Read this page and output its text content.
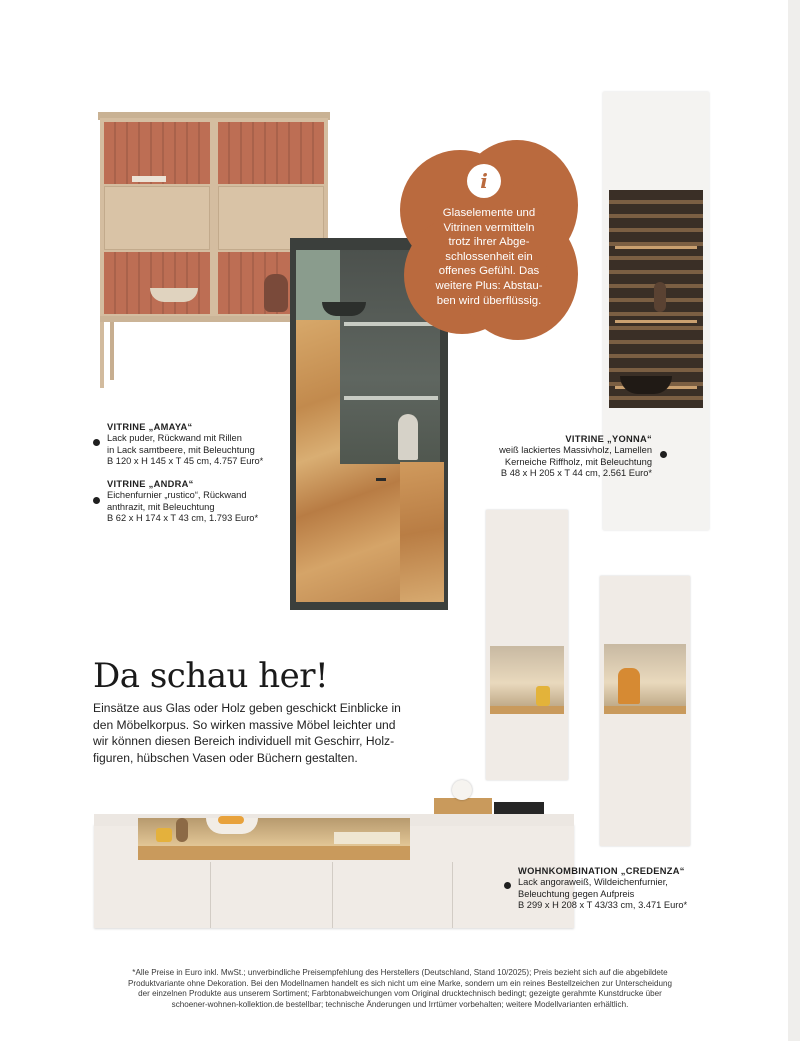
i
Glaselemente und
Vitrinen vermitteln
trotz ihrer Abge-
schlossenheit ein
offenes Gefühl. Das
weitere Plus: Abstau-
ben wird überflüssig.
VITRINE „AMAYA“
Lack puder, Rückwand mit Rillen
in Lack samtbeere, mit Beleuchtung
B 120 x H 145 x T 45 cm, 4.757 Euro*
VITRINE „ANDRA“
Eichenfurnier „rustico“, Rückwand
anthrazit, mit Beleuchtung
B 62 x H 174 x T 43 cm, 1.793 Euro*
VITRINE „YONNA“
weiß lackiertes Massivholz, Lamellen
Kerneiche Riffholz, mit Beleuchtung
B 48 x H 205 x T 44 cm, 2.561 Euro*
WOHNKOMBINATION „CREDENZA“
Lack angoraweiß, Wildeichenfurnier,
Beleuchtung gegen Aufpreis
B 299 x H 208 x T 43/33 cm, 3.471 Euro*
Da schau her!
Einsätze aus Glas oder Holz geben geschickt Einblicke in
den Möbelkorpus. So wirken massive Möbel leichter und
wir können diesen Bereich individuell mit Geschirr, Holz-
figuren, hübschen Vasen oder Büchern gestalten.
*Alle Preise in Euro inkl. MwSt.; unverbindliche Preisempfehlung des Herstellers (Deutschland, Stand 10/2025); Preis bezieht sich auf die abgebildete
Produktvariante ohne Dekoration. Bei den Modellnamen handelt es sich nicht um eine Marke, sondern um ein reines Bestellzeichen zur Unterscheidung
der einzelnen Produkte aus unserem Sortiment; Farbtonabweichungen vom Original drucktechnisch bedingt; gezeigte gerahmte Kunstdrucke über
schoener-wohnen-kollektion.de bestellbar; technische Änderungen und Irrtümer vorbehalten; weitere Modellvarianten erhältlich.
